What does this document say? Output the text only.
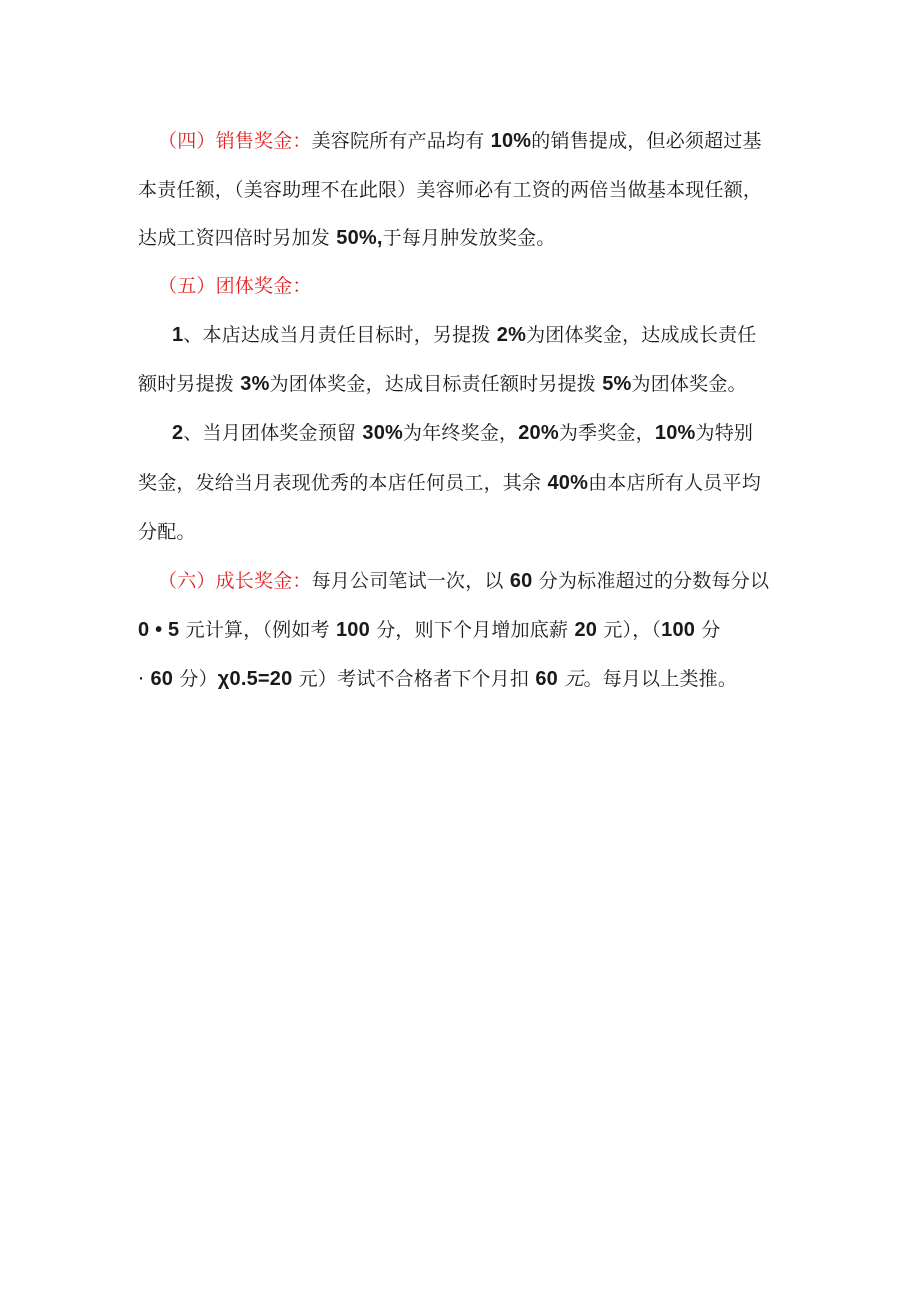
（四）销售奖金：美容院所有产品均有 10%的销售提成，但必须超过基
本责任额，（美容助理不在此限）美容师必有工资的两倍当做基本现任额，
达成工资四倍时另加发 50%,于每月肿发放奖金。
（五）团体奖金：
1、本店达成当月责任目标时，另提拨 2%为团体奖金，达成成长责任
额时另提拨 3%为团体奖金，达成目标责任额时另提拨 5%为团体奖金。
2、当月团体奖金预留 30%为年终奖金，20%为季奖金，10%为特别
奖金，发给当月表现优秀的本店任何员工，其余 40%由本店所有人员平均
分配。
（六）成长奖金：每月公司笔试一次，以 60 分为标准超过的分数每分以
0 • 5 元计算，（例如考 100 分，则下个月增加底薪 20 元），（100 分
· 60 分）χ0.5=20 元）考试不合格者下个月扣 60 元。每月以上类推。
